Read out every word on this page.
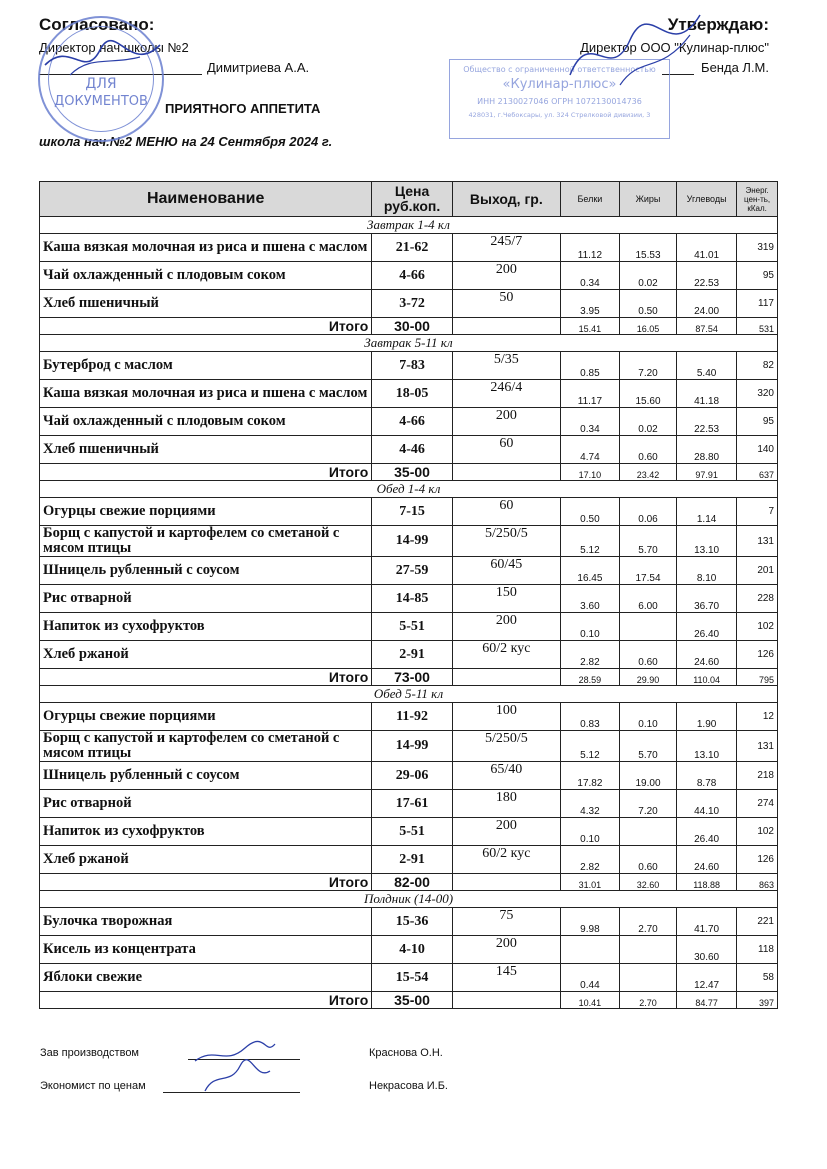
Согласовано:
Директор нач.школы №2
Димитриева А.А.
ПРИЯТНОГО АППЕТИТА
школа нач.№2 МЕНЮ на 24 Сентября 2024 г.
Утверждаю:
Директор ООО "Кулинар-плюс"
Бенда Л.М.
ДЛЯ
ДОКУМЕНТОВ
Общество с ограниченной ответственностью
«Кулинар-плюс»
ИНН 2130027046 ОГРН 1072130014736
428031, г.Чебоксары, ул. 324 Стрелковой дивизии, 3
Наименование	Цена руб.коп.	Выход, гр.	Белки	Жиры	Углеводы	Энерг. цен-ть, кКал.
Завтрак 1-4 кл						
Каша вязкая молочная из риса и пшена с маслом	21-62	245/7	11.12	15.53	41.01	319
Чай охлажденный с плодовым соком	4-66	200	0.34	0.02	22.53	95
Хлеб пшеничный	3-72	50	3.95	0.50	24.00	117
Итого	30-00		15.41	16.05	87.54	531
Завтрак 5-11 кл						
Бутерброд с маслом	7-83	5/35	0.85	7.20	5.40	82
Каша вязкая молочная из риса и пшена с маслом	18-05	246/4	11.17	15.60	41.18	320
Чай охлажденный с плодовым соком	4-66	200	0.34	0.02	22.53	95
Хлеб пшеничный	4-46	60	4.74	0.60	28.80	140
Итого	35-00		17.10	23.42	97.91	637
Обед 1-4 кл						
Огурцы свежие порциями	7-15	60	0.50	0.06	1.14	7
Борщ с капустой и картофелем со сметаной с мясом птицы	14-99	5/250/5	5.12	5.70	13.10	131
Шницель рубленный с соусом	27-59	60/45	16.45	17.54	8.10	201
Рис отварной	14-85	150	3.60	6.00	36.70	228
Напиток из сухофруктов	5-51	200	0.10		26.40	102
Хлеб ржаной	2-91	60/2 кус	2.82	0.60	24.60	126
Итого	73-00		28.59	29.90	110.04	795
Обед 5-11 кл						
Огурцы свежие порциями	11-92	100	0.83	0.10	1.90	12
Борщ с капустой и картофелем со сметаной с мясом птицы	14-99	5/250/5	5.12	5.70	13.10	131
Шницель рубленный с соусом	29-06	65/40	17.82	19.00	8.78	218
Рис отварной	17-61	180	4.32	7.20	44.10	274
Напиток из сухофруктов	5-51	200	0.10		26.40	102
Хлеб ржаной	2-91	60/2 кус	2.82	0.60	24.60	126
Итого	82-00		31.01	32.60	118.88	863
Полдник (14-00)						
Булочка творожная	15-36	75	9.98	2.70	41.70	221
Кисель из концентрата	4-10	200			30.60	118
Яблоки свежие	15-54	145	0.44		12.47	58
Итого	35-00		10.41	2.70	84.77	397
Зав производством	Краснова О.Н.
Экономист по ценам	Некрасова И.Б.
